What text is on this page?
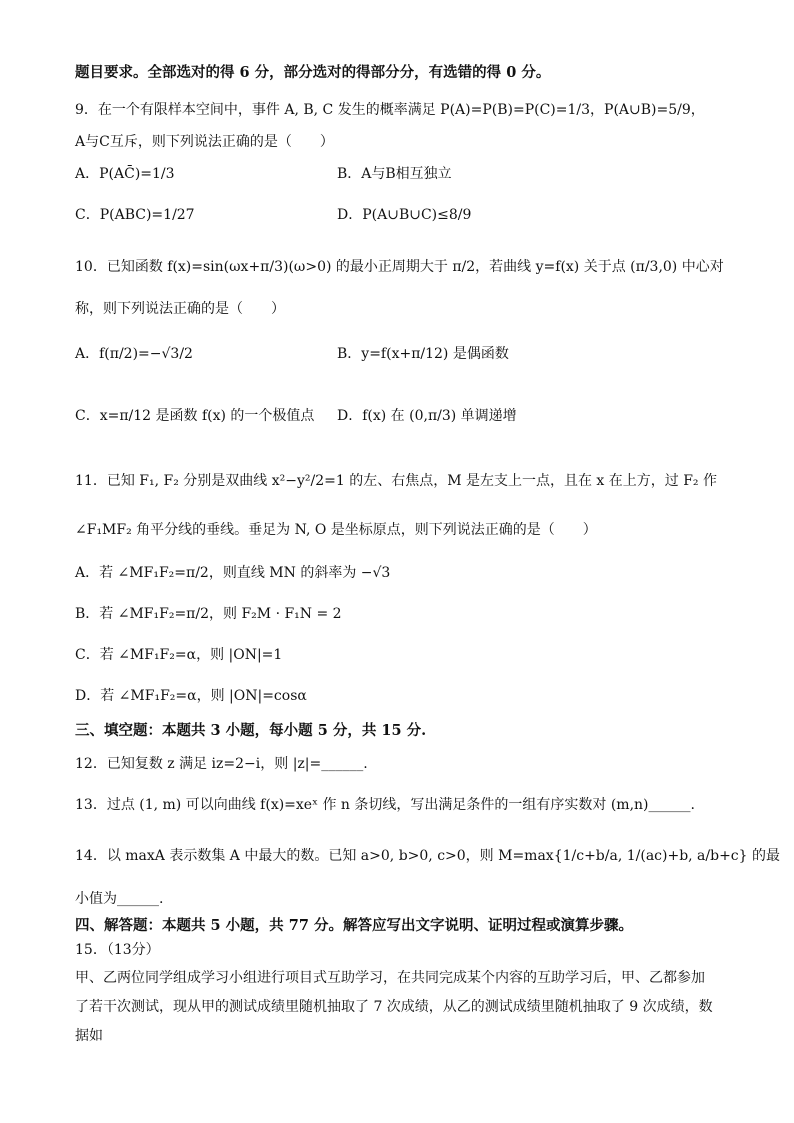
题目要求。全部选对的得 6 分，部分选对的得部分分，有选错的得 0 分。
9．在一个有限样本空间中，事件 A, B, C 发生的概率满足 P(A)=P(B)=P(C)=1/3，P(A∪B)=5/9，
A与C互斥，则下列说法正确的是（　　）
A．P(AC̄)=1/3	B．A与B相互独立
C．P(ABC)=1/27	D．P(A∪B∪C)≤8/9
10．已知函数 f(x)=sin(ωx+π/3)(ω>0) 的最小正周期大于 π/2，若曲线 y=f(x) 关于点 (π/3,0) 中心对
称，则下列说法正确的是（　　）
A．f(π/2)=−√3/2	B．y=f(x+π/12) 是偶函数
C．x=π/12 是函数 f(x) 的一个极值点 D．f(x) 在 (0,π/3) 单调递增
11．已知 F₁, F₂ 分别是双曲线 x²−y²/2=1 的左、右焦点，M 是左支上一点，且在 x 在上方，过 F₂ 作
∠F₁MF₂ 角平分线的垂线。垂足为 N, O 是坐标原点，则下列说法正确的是（　　）
A．若 ∠MF₁F₂=π/2，则直线 MN 的斜率为 −√3
B．若 ∠MF₁F₂=π/2，则 F₂M · F₁N = 2
C．若 ∠MF₁F₂=α，则 |ON|=1
D．若 ∠MF₁F₂=α，则 |ON|=cosα
三、填空题：本题共 3 小题，每小题 5 分，共 15 分.
12．已知复数 z 满足 iz=2−i，则 |z|=______.
13．过点 (1, m) 可以向曲线 f(x)=xeˣ 作 n 条切线，写出满足条件的一组有序实数对 (m,n)______.
14．以 maxA 表示数集 A 中最大的数。已知 a>0, b>0, c>0，则 M=max{1/c+b/a, 1/(ac)+b, a/b+c} 的最
小值为______.
四、解答题：本题共 5 小题，共 77 分。解答应写出文字说明、证明过程或演算步骤。
15．（13分）
甲、乙两位同学组成学习小组进行项目式互助学习，在共同完成某个内容的互助学习后，甲、乙都参加了若干次测试，现从甲的测试成绩里随机抽取了 7 次成绩，从乙的测试成绩里随机抽取了 9 次成绩，数据如
